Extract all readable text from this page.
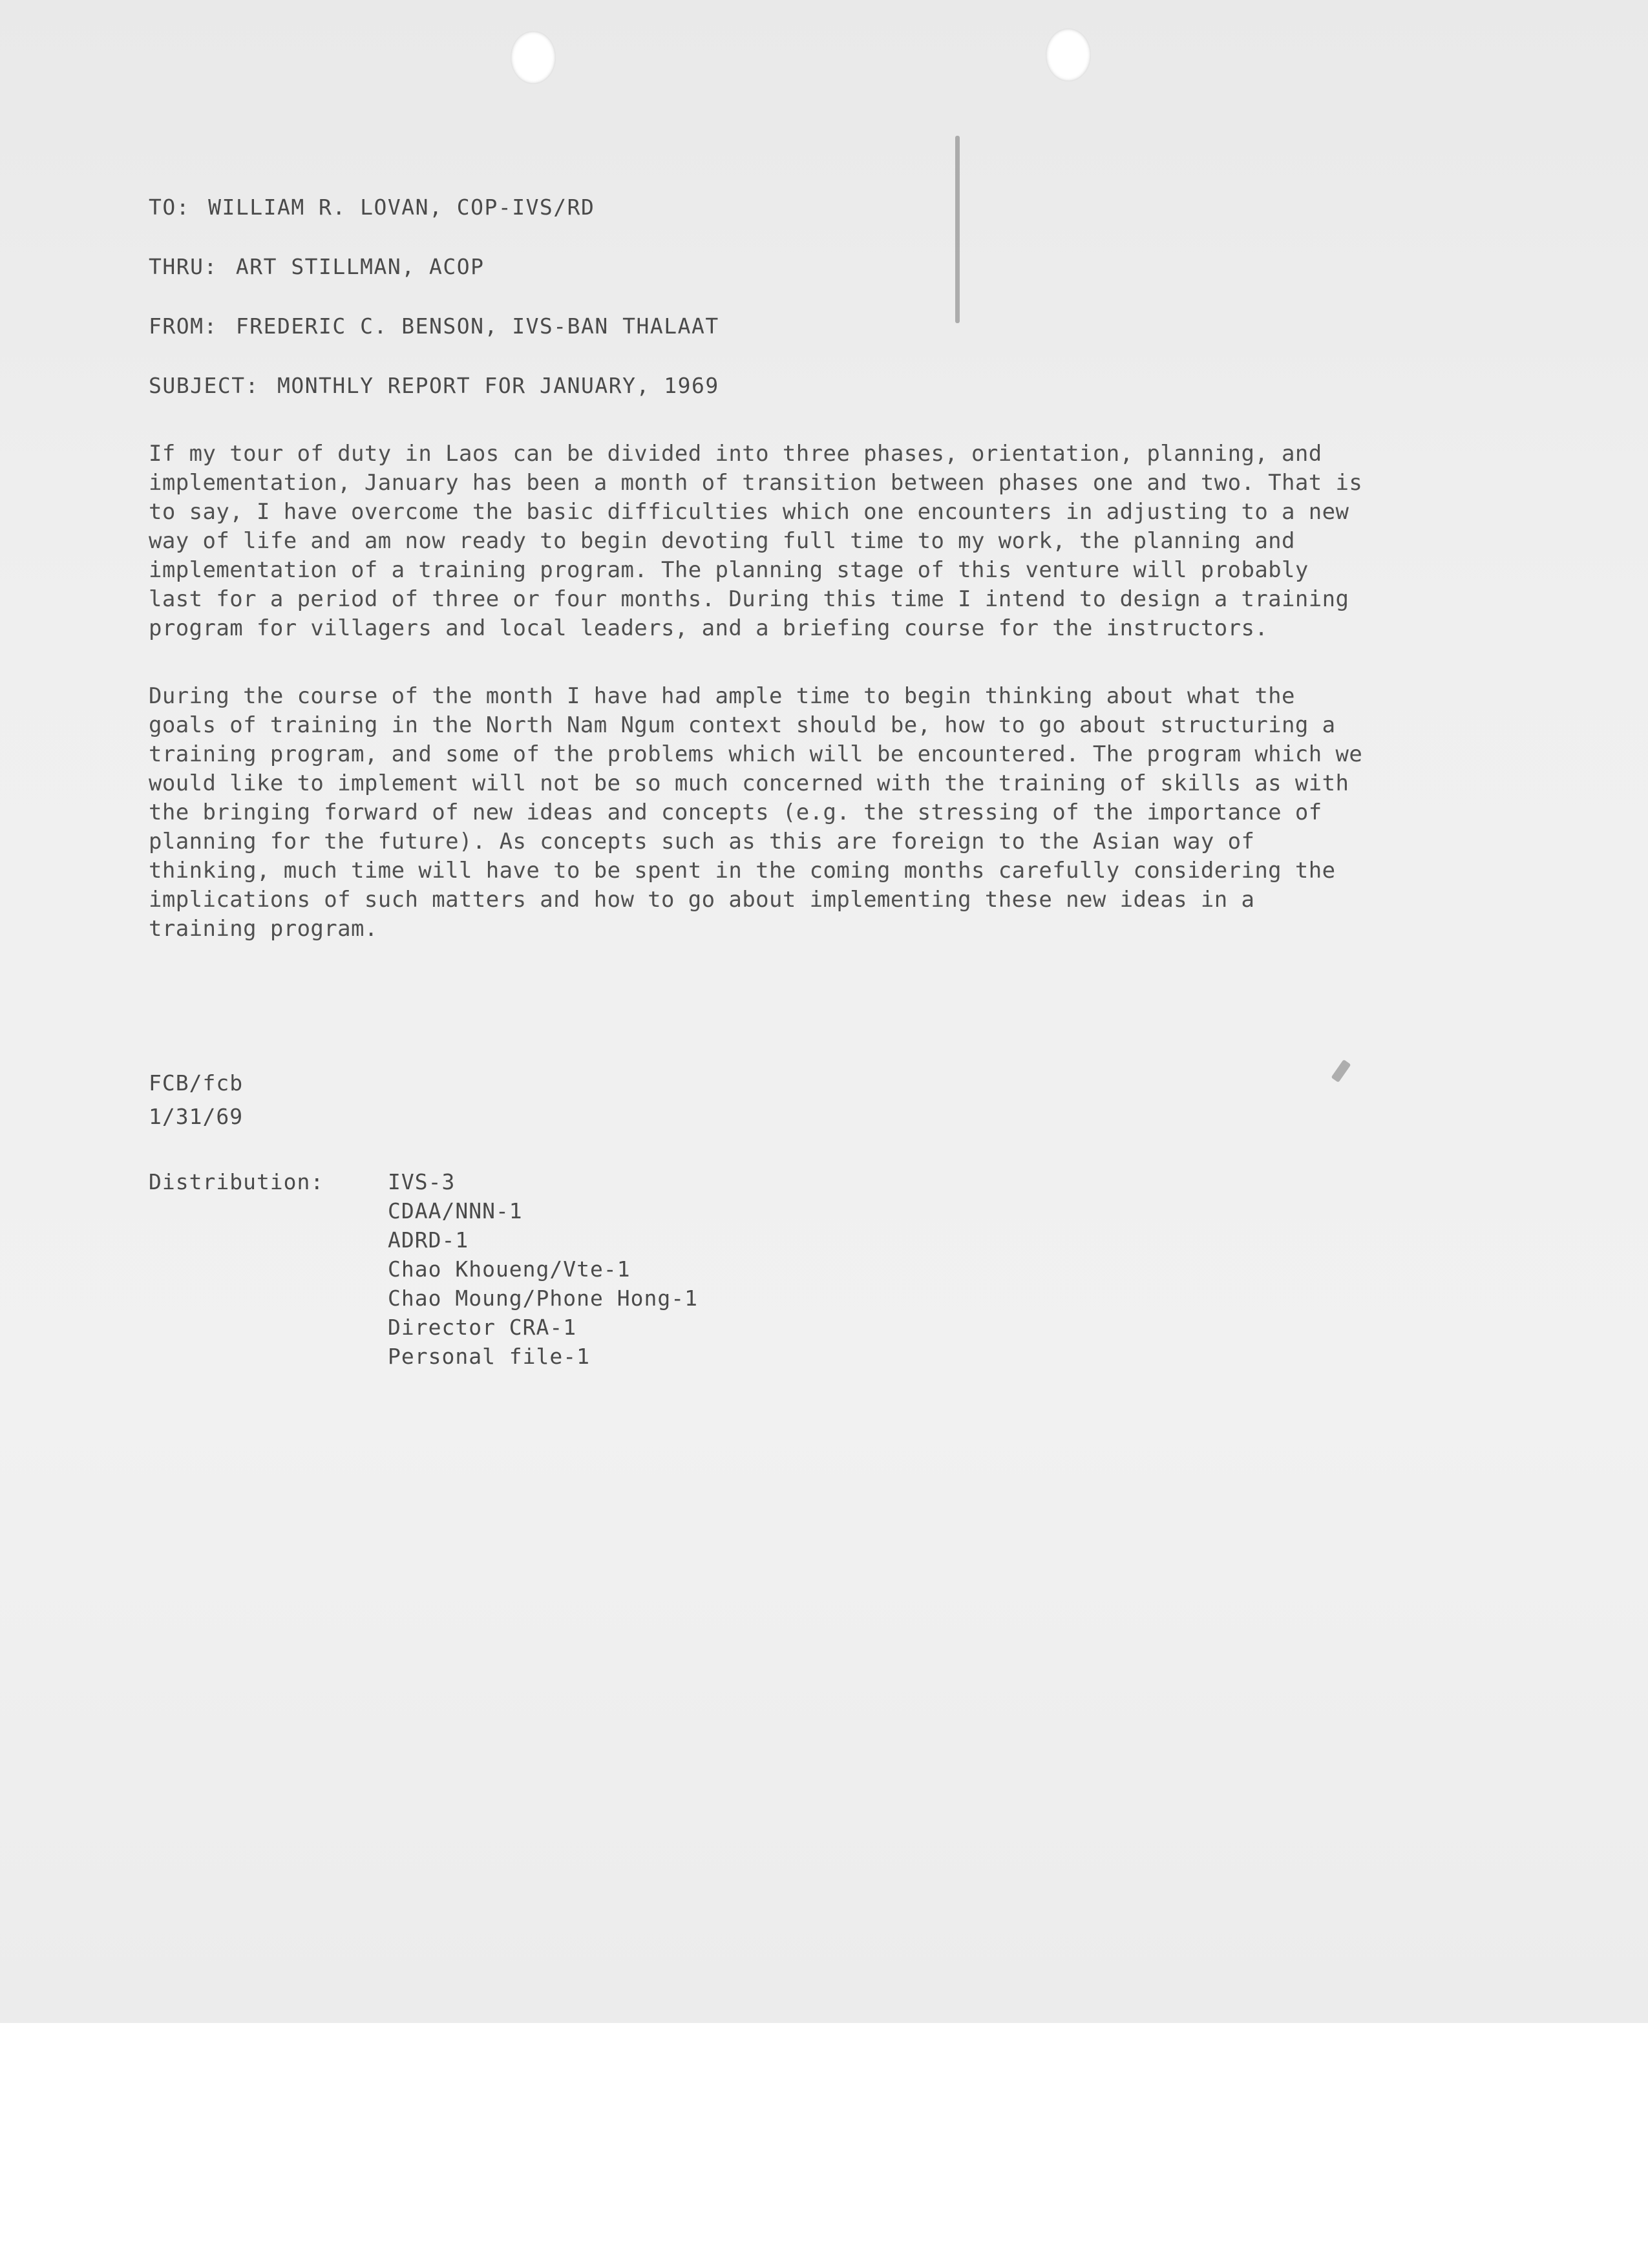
TO: WILLIAM R. LOVAN, COP-IVS/RD
THRU: ART STILLMAN, ACOP
FROM: FREDERIC C. BENSON, IVS-BAN THALAAT
SUBJECT: MONTHLY REPORT FOR JANUARY, 1969

If my tour of duty in Laos can be divided into three phases, orientation, planning, and implementation, January has been a month of transition between phases one and two. That is to say, I have overcome the basic difficulties which one encounters in adjusting to a new way of life and am now ready to begin devoting full time to my work, the planning and implementation of a training program. The planning stage of this venture will probably last for a period of three or four months. During this time I intend to design a training program for villagers and local leaders, and a briefing course for the instructors.

During the course of the month I have had ample time to begin thinking about what the goals of training in the North Nam Ngum context should be, how to go about structuring a training program, and some of the problems which will be encountered. The program which we would like to implement will not be so much concerned with the training of skills as with the bringing forward of new ideas and concepts (e.g. the stressing of the importance of planning for the future). As concepts such as this are foreign to the Asian way of thinking, much time will have to be spent in the coming months carefully considering the implications of such matters and how to go about implementing these new ideas in a training program.

FCB/fcb
1/31/69
Distribution:	IVS-3
CDAA/NNN-1
ADRD-1
Chao Khoueng/Vte-1
Chao Moung/Phone Hong-1
Director CRA-1
Personal file-1
